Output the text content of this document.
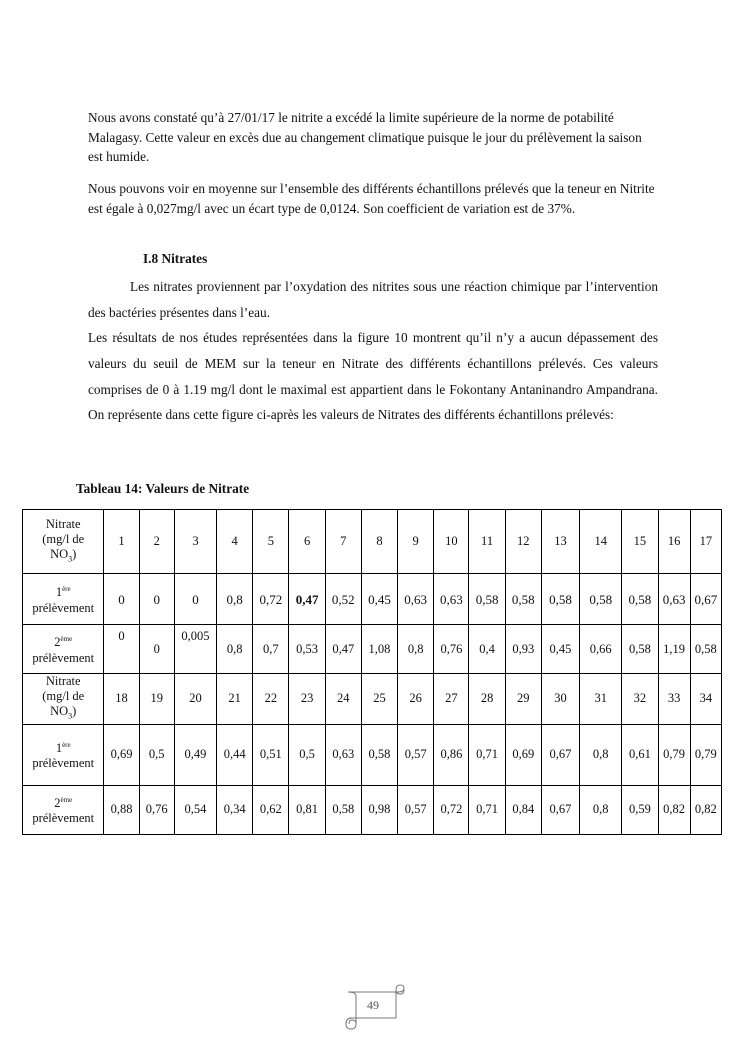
Nous avons constaté qu’à 27/01/17 le nitrite a excédé la limite supérieure de la norme de potabilité Malagasy. Cette valeur en excès due au changement climatique puisque le jour du prélèvement la saison est humide.

Nous pouvons voir en moyenne sur l’ensemble des différents échantillons prélevés que la teneur en Nitrite est égale à 0,027mg/l avec un écart type de 0,0124. Son coefficient de variation est de 37%.

I.8 Nitrates

Les nitrates proviennent par l’oxydation des nitrites sous une réaction chimique par l’intervention des bactéries présentes dans l’eau.

Les résultats de nos études représentées dans la figure 10 montrent qu’il n’y a aucun dépassement des valeurs du seuil de MEM sur la teneur en Nitrate des différents échantillons prélevés. Ces valeurs comprises de 0 à 1.19 mg/l dont le maximal est appartient dans le Fokontany Antaninandro Ampandrana. On représente dans cette figure ci-après les valeurs de Nitrates des différents échantillons prélevés:

Tableau 14: Valeurs de Nitrate

Nitrate
(mg/l de
$NO_3$)	1	2	3	4	5	6	7	8	9	10	11	12	13	14	15	16	17
1ère
prélèvement	0	0	0	0,8	0,72	0,47	0,52	0,45	0,63	0,63	0,58	0,58	0,58	0,58	0,58	0,63	0,67
2ème
prélèvement	0	0	0,005	0,8	0,7	0,53	0,47	1,08	0,8	0,76	0,4	0,93	0,45	0,66	0,58	1,19	0,58
Nitrate
(mg/l de
$NO_3$)	18	19	20	21	22	23	24	25	26	27	28	29	30	31	32	33	34
1ère
prélèvement	0,69	0,5	0,49	0,44	0,51	0,5	0,63	0,58	0,57	0,86	0,71	0,69	0,67	0,8	0,61	0,79	0,79
2ème
prélèvement	0,88	0,76	0,54	0,34	0,62	0,81	0,58	0,98	0,57	0,72	0,71	0,84	0,67	0,8	0,59	0,82	0,82
49
